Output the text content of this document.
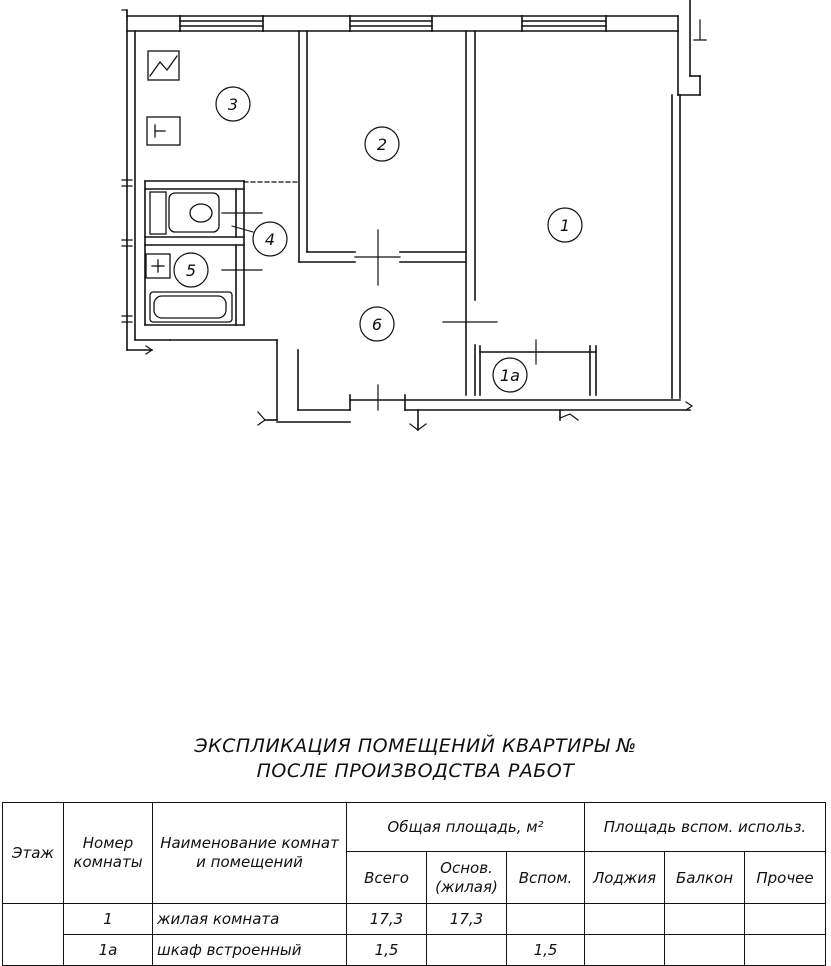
1
1а
2
3
4
5
6
ЭКСПЛИКАЦИЯ ПОМЕЩЕНИЙ КВАРТИРЫ №
ПОСЛЕ ПРОИЗВОДСТВА РАБОТ
Этаж	Номер комнаты	Наименование комнат и помещений	Общая площадь, м²			Площадь вспом. использ.		
			Всего	Основ. (жилая)	Вспом.	Лоджия	Балкон	Прочее
	1	жилая комната	17,3	17,3				
	1а	шкаф встроенный	1,5		1,5			
